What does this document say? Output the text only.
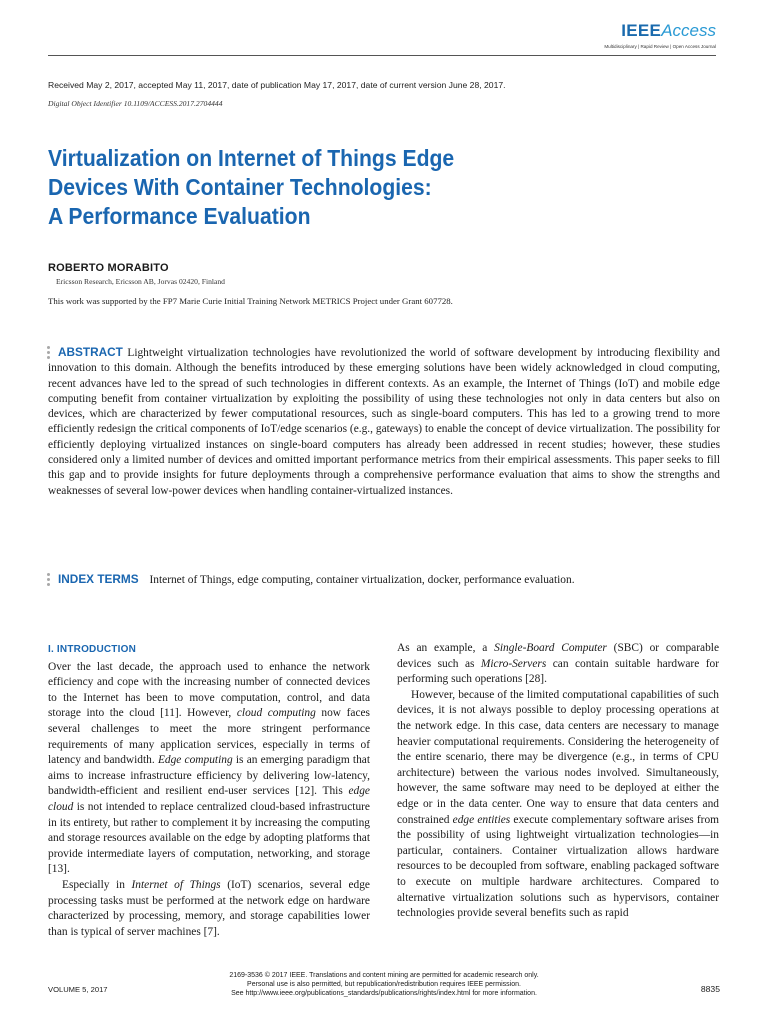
IEEEAccess
Multidisciplinary | Rapid Review | Open Access Journal
Received May 2, 2017, accepted May 11, 2017, date of publication May 17, 2017, date of current version June 28, 2017.
Digital Object Identifier 10.1109/ACCESS.2017.2704444
Virtualization on Internet of Things Edge
Devices With Container Technologies:
A Performance Evaluation
ROBERTO MORABITO
Ericsson Research, Ericsson AB, Jorvas 02420, Finland
This work was supported by the FP7 Marie Curie Initial Training Network METRICS Project under Grant 607728.

ABSTRACT Lightweight virtualization technologies have revolutionized the world of software development by introducing flexibility and innovation to this domain. Although the benefits introduced by these emerging solutions have been widely acknowledged in cloud computing, recent advances have led to the spread of such technologies in different contexts. As an example, the Internet of Things (IoT) and mobile edge computing benefit from container virtualization by exploiting the possibility of using these technologies not only in data centers but also on devices, which are characterized by fewer computational resources, such as single-board computers. This has led to a growing trend to more efficiently redesign the critical components of IoT/edge scenarios (e.g., gateways) to enable the concept of device virtualization. The possibility for efficiently deploying virtualized instances on single-board computers has already been addressed in recent studies; however, these studies considered only a limited number of devices and omitted important performance metrics from their empirical assessments. This paper seeks to fill this gap and to provide insights for future deployments through a comprehensive performance evaluation that aims to show the strengths and weaknesses of several low-power devices when handling container-virtualized instances.

INDEX TERMS Internet of Things, edge computing, container virtualization, docker, performance evaluation.

I. INTRODUCTION

Over the last decade, the approach used to enhance the network efficiency and cope with the increasing number of connected devices to the Internet has been to move computation, control, and data storage into the cloud [11]. However, cloud computing now faces several challenges to meet the more stringent performance requirements of many application services, especially in terms of latency and bandwidth. Edge computing is an emerging paradigm that aims to increase infrastructure efficiency by delivering low-latency, bandwidth-efficient and resilient end-user services [12]. This edge cloud is not intended to replace centralized cloud-based infrastructure in its entirety, but rather to complement it by increasing the computing and storage resources available on the edge by adopting platforms that provide intermediate layers of computation, networking, and storage [13].

Especially in Internet of Things (IoT) scenarios, several edge processing tasks must be performed at the network edge on hardware characterized by processing, memory, and storage capabilities lower than is typical of server machines [7].

As an example, a Single-Board Computer (SBC) or comparable devices such as Micro-Servers can contain suitable hardware for performing such operations [28].

However, because of the limited computational capabilities of such devices, it is not always possible to deploy processing operations at the network edge. In this case, data centers are necessary to manage heavier computational requirements. Considering the heterogeneity of the entire scenario, there may be divergence (e.g., in terms of CPU architecture) between the various nodes involved. Simultaneously, however, the same software may need to be deployed at either the edge or in the data center. One way to ensure that data centers and constrained edge entities execute complementary software arises from the possibility of using lightweight virtualization technologies—in particular, containers. Container virtualization allows hardware resources to be decoupled from software, enabling packaged software to execute on multiple hardware architectures. Compared to alternative virtualization solutions such as hypervisors, container technologies provide several benefits such as rapid

VOLUME 5, 2017
2169-3536 © 2017 IEEE. Translations and content mining are permitted for academic research only.
Personal use is also permitted, but republication/redistribution requires IEEE permission.
See http://www.ieee.org/publications_standards/publications/rights/index.html for more information.	8835
